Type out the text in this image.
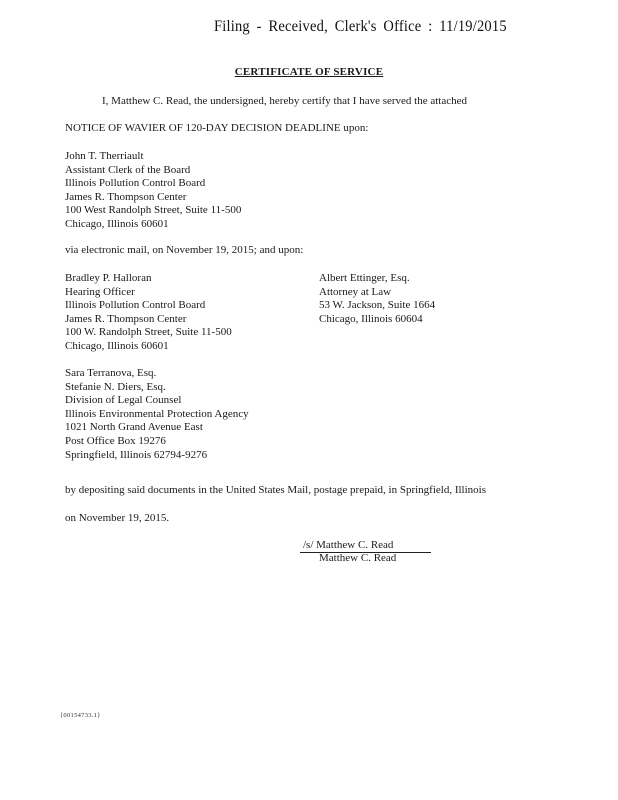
Filing - Received, Clerk's Office : 11/19/2015
CERTIFICATE OF SERVICE
I, Matthew C. Read, the undersigned, hereby certify that I have served the attached
NOTICE OF WAVIER OF 120-DAY DECISION DEADLINE upon:
John T. Therriault
Assistant Clerk of the Board
Illinois Pollution Control Board
James R. Thompson Center
100 West Randolph Street, Suite 11-500
Chicago, Illinois 60601
via electronic mail, on November 19, 2015; and upon:
Bradley P. Halloran
Hearing Officer
Illinois Pollution Control Board
James R. Thompson Center
100 W. Randolph Street, Suite 11-500
Chicago, Illinois 60601
Albert Ettinger, Esq.
Attorney at Law
53 W. Jackson, Suite 1664
Chicago, Illinois 60604
Sara Terranova, Esq.
Stefanie N. Diers, Esq.
Division of Legal Counsel
Illinois Environmental Protection Agency
1021 North Grand Avenue East
Post Office Box 19276
Springfield, Illinois 62794-9276
by depositing said documents in the United States Mail, postage prepaid, in Springfield, Illinois
on November 19, 2015.
/s/ Matthew C. Read
Matthew C. Read
{00154733.1}
